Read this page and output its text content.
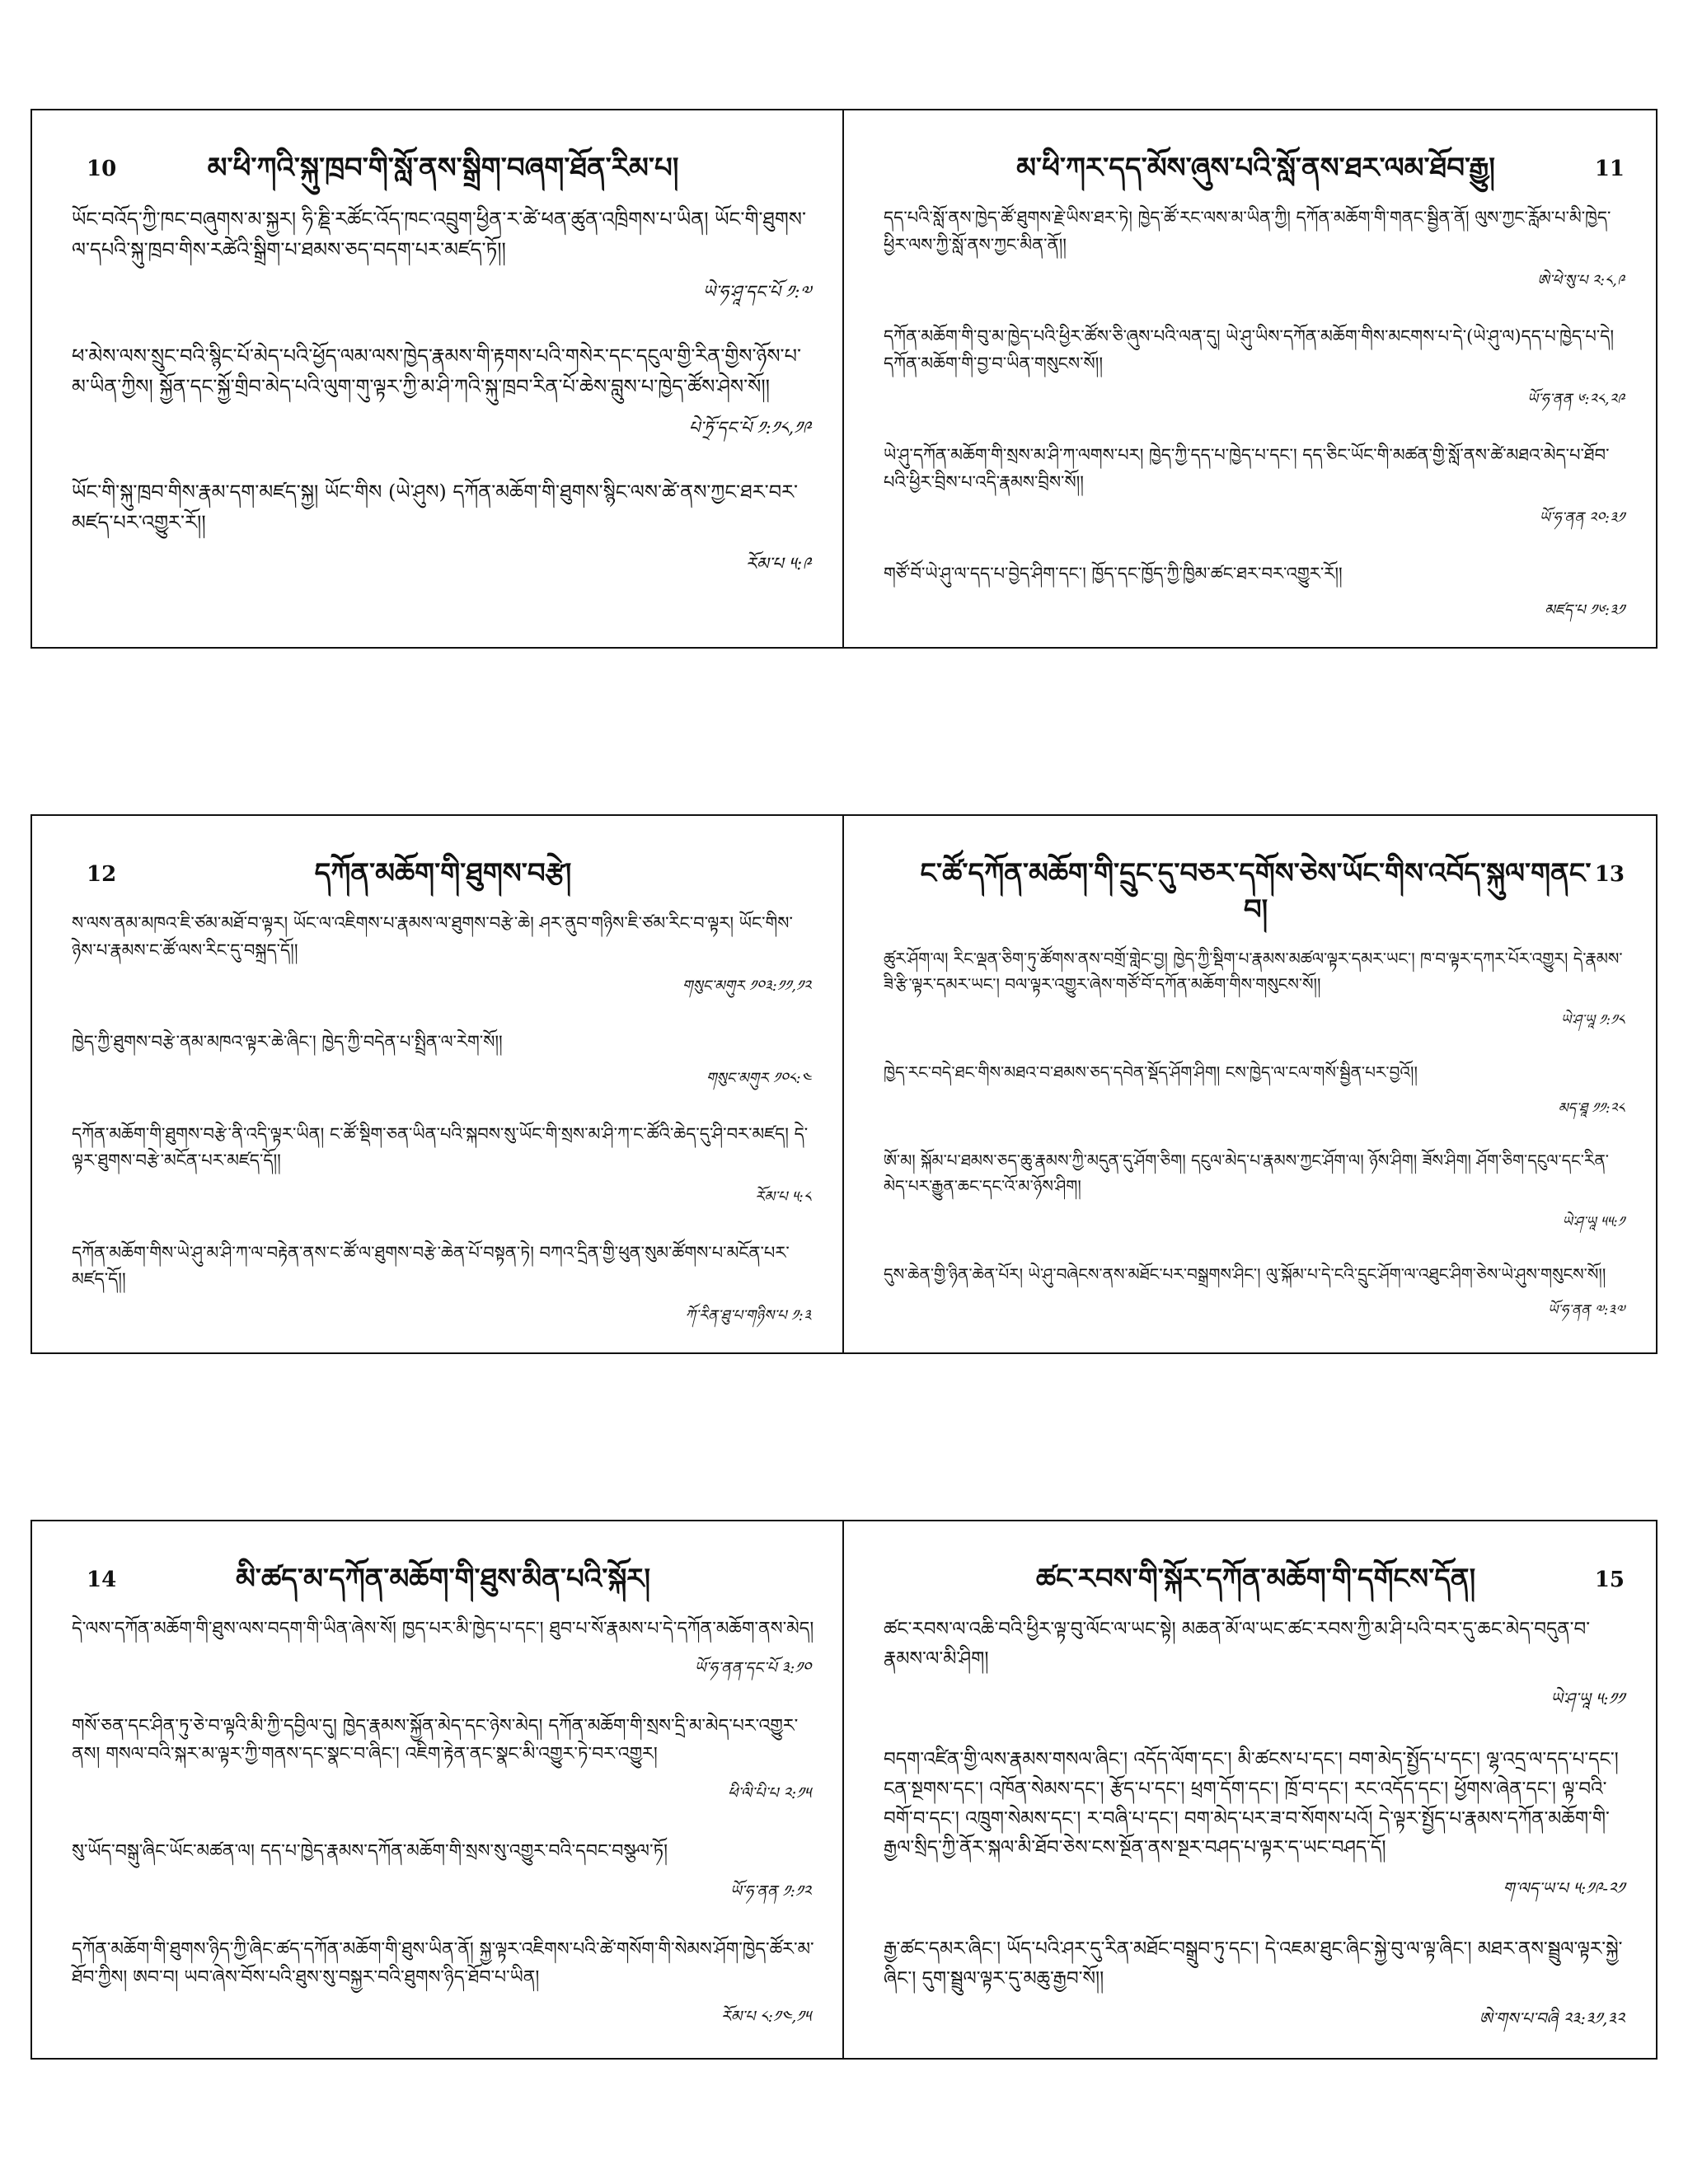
10	མ་ཕི་ཀའི་སྐུ་ཁྲབ་གི་སློ་ནས་སྒྲིག་བཞག་ཐོན་རིམ་པ།

ཡོང་བའོད་ཀྱི་ཁང་བཞུགས་མ་སྐྱར། ཧི་ཎྡི་རཚོང་འོད་ཁང་འབྲུག་ཕྱིན་ར་ཚེ་ཕན་ཚུན་འཁྲིགས་པ་ཡིན། ཡོང་གི་ཐུགས་ལ་དཔའི་སྐུ་ཁྲབ་གིས་རཚེའི་སྒྲིག་པ་ཐམས་ཅད་བདག་པར་མཛད་ཏོ།།

ཡེ་ཧ་ཤཱ་དང་པོ ༡:༧

ཕ་མེས་ལས་སྲུང་བའི་སྙིང་པོ་མེད་པའི་ཕྱོད་ལམ་ལས་ཁྱེད་རྣམས་གི་རྟགས་པའི་གསེར་དང་དངུལ་གྱི་རིན་གྱིས་ཉོས་པ་མ་ཡིན་ཀྱིས། སྐྱོན་དང་སྐྱོ་གྲིབ་མེད་པའི་ལུག་གུ་ལྟར་ཀྱི་མ་ཤི་ཀའི་སྐུ་ཁྲབ་རིན་པོ་ཆེས་བླུས་པ་ཁྱེད་ཚོས་ཤེས་སོ།།

པེ་ཏྲོ་དང་པོ ༡:༡༨,༡༩

ཡོང་གི་སྐུ་ཁྲབ་གིས་རྣམ་དག་མཛད་སྐྱ། ཡོང་གིས (ཡེ་ཤུས) དཀོན་མཆོག་གི་ཐུགས་སྙིང་ལས་ཚེ་ནས་ཀྱང་ཐར་བར་མཛད་པར་འགྱུར་རོ།།

རོམ་པ ༥:༩

11
མ་ཕི་ཀར་དད་མོས་ཞུས་པའི་སློ་ནས་ཐར་ལམ་ཐོབ་རྒྱུ།

དད་པའི་སློ་ནས་ཁྱེད་ཚོ་ཐུགས་རྗེ་ཡིས་ཐར་ཏེ། ཁྱེད་ཚོ་རང་ལས་མ་ཡིན་ཀྱི། དཀོན་མཆོག་གི་གནང་སྦྱིན་ནོ། ལུས་ཀྱང་རློམ་པ་མི་ཁྱེད་ཕྱིར་ལས་ཀྱི་སློ་ནས་ཀྱང་མིན་ནོ།།

ཨེ་ཕེ་སུ་པ ༢:༨,༩

དཀོན་མཆོག་གི་བུ་མ་ཁྱེད་པའི་ཕྱིར་ཚོས་ཅི་ཞུས་པའི་ལན་དུ། ཡེ་ཤུ་ཡིས་དཀོན་མཆོག་གིས་མངགས་པ་དེ་(ཡེ་ཤུ་ལ)དད་པ་ཁྱེད་པ་དེ། དཀོན་མཆོག་གི་བྱ་བ་ཡིན་གསུངས་སོ།།

ཡོ་ཧ་ནན ༦:༢༨,༢༩

ཡེ་ཤུ་དཀོན་མཆོག་གི་སྲས་མ་ཤི་ཀ་ལགས་པར། ཁྱེད་ཀྱི་དད་པ་ཁྱེད་པ་དང་། དད་ཅིང་ཡོང་གི་མཚན་གྱི་སློ་ནས་ཚེ་མཐའ་མེད་པ་ཐོབ་པའི་ཕྱིར་བྲིས་པ་འདི་རྣམས་བྲིས་སོ།།

ཡོ་ཧ་ནན ༢༠:༣༡

གཙོ་བོ་ཡེ་ཤུ་ལ་དད་པ་བྱེད་ཤིག་དང་། ཁྱོད་དང་ཁྱོད་ཀྱི་ཁྱིམ་ཚང་ཐར་བར་འགྱུར་རོ།།

མཛད་པ ༡༦:༣༡

12	དཀོན་མཆོག་གི་ཐུགས་བརྩེ།

ས་ལས་ནམ་མཁའ་ཇི་ཙམ་མཐོ་བ་ལྟར། ཡོང་ལ་འཇིགས་པ་རྣམས་ལ་ཐུགས་བརྩེ་ཆེ། ཤར་ནུབ་གཉིས་ཇི་ཙམ་རིང་བ་ལྟར། ཡོང་གིས་ཉེས་པ་རྣམས་ང་ཚོ་ལས་རིང་དུ་བསྐྲད་དོ།།

གསུང་མགུར ༡༠༣:༡༡,༡༢

ཁྱེད་ཀྱི་ཐུགས་བརྩེ་ནམ་མཁའ་ལྟར་ཆེ་ཞིང་། ཁྱེད་ཀྱི་བདེན་པ་སྤྲིན་ལ་རེག་སོ།།

གསུང་མགུར ༡༠༨:༤

དཀོན་མཆོག་གི་ཐུགས་བརྩེ་ནི་འདི་ལྟར་ཡིན། ང་ཚོ་སྡིག་ཅན་ཡིན་པའི་སྐབས་སུ་ཡོང་གི་སྲས་མ་ཤི་ཀ་ང་ཚོའི་ཆེད་དུ་ཤི་བར་མཛད། དེ་ལྟར་ཐུགས་བརྩེ་མངོན་པར་མཛད་དོ།།

རོམ་པ ༥:༨

དཀོན་མཆོག་གིས་ཡེ་ཤུ་མ་ཤི་ཀ་ལ་བརྟེན་ནས་ང་ཚོ་ལ་ཐུགས་བརྩེ་ཆེན་པོ་བསྟན་ཏེ། བཀའ་དྲིན་གྱི་ཕུན་སུམ་ཚོགས་པ་མངོན་པར་མཛད་དོ།།

ཀོ་རིན་ཐུ་པ་གཉིས་པ ༡:༣

13
ང་ཚོ་དཀོན་མཆོག་གི་དྲུང་དུ་བཅར་དགོས་ཅེས་ཡོང་གིས་འབོད་སྐུལ་གནང་བ།

ཚུར་ཤོག་ལ། རིང་ལྡན་ཅིག་ཏུ་ཚོགས་ནས་བགྲོ་གླེང་བྱ། ཁྱེད་ཀྱི་སྡིག་པ་རྣམས་མཚལ་ལྟར་དམར་ཡང་། ཁ་བ་ལྟར་དཀར་པོར་འགྱུར། དེ་རྣམས་ཟི་རྩི་ལྟར་དམར་ཡང་། བལ་ལྟར་འགྱུར་ཞེས་གཙོ་བོ་དཀོན་མཆོག་གིས་གསུངས་སོ།།

ཡེ་ཤ་ཡཱ ༡:༡༨

ཁྱེད་རང་བདེ་ཐང་གིས་མཐའ་བ་ཐམས་ཅད་དབེན་སྡོད་ཤོག་ཤིག། ངས་ཁྱེད་ལ་ངལ་གསོ་སྦྱིན་པར་བྱའོ།།

མད་ཐཱ ༡༡:༢༨

ཨོ་མ། སྐོམ་པ་ཐམས་ཅད་ཆུ་རྣམས་ཀྱི་མདུན་དུ་ཤོག་ཅིག། དངུལ་མེད་པ་རྣམས་ཀྱང་ཤོག་ལ། ཉོས་ཤིག། ཟོས་ཤིག། ཤོག་ཅིག་དངུལ་དང་རིན་མེད་པར་རྒྱུན་ཆང་དང་འོ་མ་ཉོས་ཤིག།

ཡེ་ཤ་ཡཱ ༥༥:༡

དུས་ཆེན་གྱི་ཉིན་ཆེན་པོར། ཡེ་ཤུ་བཞེངས་ནས་མཐོང་པར་བསྒྲགས་ཤིང་། ལུ་སྐོམ་པ་དེ་ངའི་དྲུང་ཤོག་ལ་འཐུང་ཤིག་ཅེས་ཡེ་ཤུས་གསུངས་སོ།།

ཡོ་ཧ་ནན ༧:༣༧

14	མི་ཚད་མ་དཀོན་མཆོག་གི་ཐུས་མིན་པའི་སྐོར།

དེ་ལས་དཀོན་མཆོག་གི་ཐུས་ལས་བདག་གི་ཡིན་ཞེས་སོ། ཁྱད་པར་མི་ཁྱེད་པ་དང་། ཐུབ་པ་སོ་རྣམས་པ་དེ་དཀོན་མཆོག་ནས་མེད།

ཡོ་ཧ་ནན་དང་པོ ༣:༡༠

གསོ་ཅན་དང་ཤིན་ཏུ་ཅེ་བ་ལྟའི་མི་ཀྱི་དབྱིལ་དུ། ཁྱེད་རྣམས་སྐྱོན་མེད་དང་ཉེས་མེད། དཀོན་མཆོག་གི་སྲས་དྲི་མ་མེད་པར་འགྱུར་ནས། གསལ་བའི་སྐར་མ་ལྟར་ཀྱི་གནས་དང་སྣང་བ་ཞིང་། འཇིག་རྟེན་ནང་སྣང་མི་འགྱུར་ཏེ་བར་འགྱུར།

ཕི་ལི་པི་པ ༢:༡༥

སུ་ཡོད་བསྒུ་ཞིང་ཡོང་མཚན་ལ། དད་པ་ཁྱེད་རྣམས་དཀོན་མཆོག་གི་སྲས་སུ་འགྱུར་བའི་དབང་བསྩལ་ཏོ།

ཡོ་ཧ་ནན ༡:༡༢

དཀོན་མཆོག་གི་ཐུགས་ཉིད་ཀྱི་ཞིང་ཚད་དཀོན་མཆོག་གི་ཐུས་ཡིན་ནོ། སྐྱ་ལྟར་འཇིགས་པའི་ཚེ་གསོག་གི་སེམས་ཤོག་ཁྱེད་ཚོར་མ་ཐོབ་ཀྱིས། ཨབ་བ། ཡབ་ཞེས་བོས་པའི་ཐུས་སུ་བསྐྱར་བའི་ཐུགས་ཉིད་ཐོབ་པ་ཡིན།

རོམ་པ ༨:༡༤,༡༥

15
ཚང་རབས་གི་སྐོར་དཀོན་མཆོག་གི་དགོངས་དོན།

ཚང་རབས་ལ་འཆི་བའི་ཕྱིར་ལྟ་བུ་ལོང་ལ་ཡང་སྟེ། མཆན་མོ་ལ་ཡང་ཚང་རབས་ཀྱི་མ་ཤི་པའི་བར་དུ་ཆང་མེད་བདུན་བ་རྣམས་ལ་མི་ཤིག།

ཡེ་ཤ་ཡཱ ༥:༡༡

བདག་འཛིན་གྱི་ལས་རྣམས་གསལ་ཞིང་། འདོད་ལོག་དང་། མི་ཚངས་པ་དང་། བག་མེད་སྤྱོད་པ་དང་། ལྷ་འདྲ་ལ་དད་པ་དང་། ངན་སྔགས་དང་། འཁོན་སེམས་དང་། རྩོད་པ་དང་། ཕྲག་དོག་དང་། ཁྲོ་བ་དང་། རང་འདོད་དང་། ཕྱོགས་ཞེན་དང་། ལྟ་བའི་བགོ་བ་དང་། འཁྲུག་སེམས་དང་། ར་བཞི་པ་དང་། བག་མེད་པར་ཟ་བ་སོགས་པའོ། དེ་ལྟར་སྤྱོད་པ་རྣམས་དཀོན་མཆོག་གི་རྒྱལ་སྲིད་ཀྱི་ནོར་སྐལ་མི་ཐོབ་ཅེས་ངས་སྔོན་ནས་སྔར་བཤད་པ་ལྟར་ད་ཡང་བཤད་དོ།

ག་ལད་ཡ་པ ༥:༡༩-༢༡

རྒྱ་ཚང་དམར་ཞིང་། ཡོད་པའི་ཤར་དུ་རིན་མཐོང་བསྒྲུབ་ཏུ་དང་། དེ་འཇམ་ཐུང་ཞིང་སྐྱེ་བུ་ལ་ལྟ་ཞིང་། མཐར་ནས་སྦྲུལ་ལྟར་སྐྱེ་ཞིང་། དུག་སྦྲུལ་ལྟར་དུ་མཆུ་རྒྱབ་སོ།།

ཨེ་གས་པ་བཞི ༢༣:༣༡,༣༢
